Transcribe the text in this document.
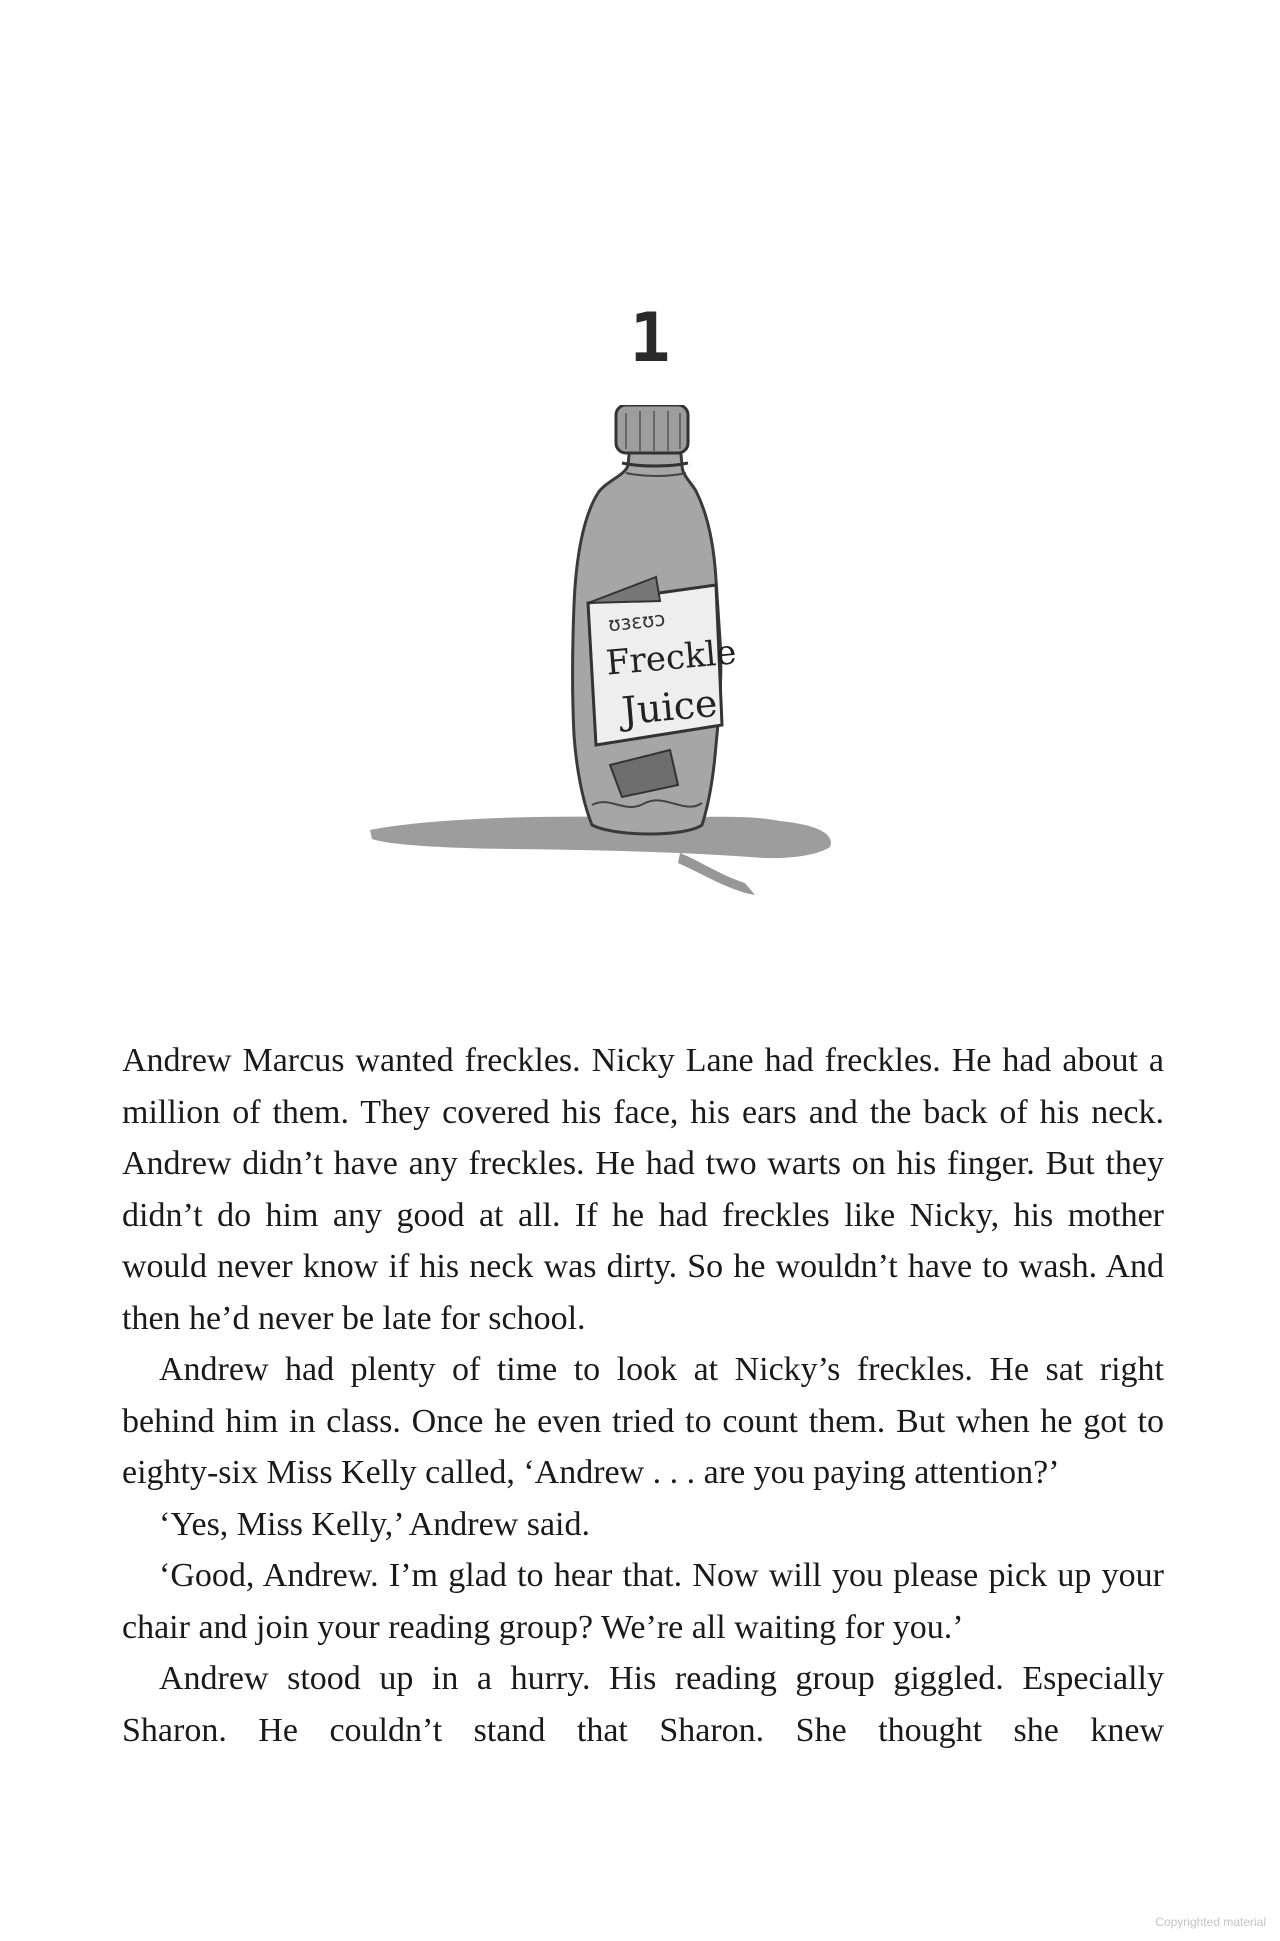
1
ʊɜɛʊɔ
Freckle
Juice

Andrew Marcus wanted freckles. Nicky Lane had freckles. He had about a million of them. They covered his face, his ears and the back of his neck. Andrew didn’t have any freckles. He had two warts on his finger. But they didn’t do him any good at all. If he had freckles like Nicky, his mother would never know if his neck was dirty. So he wouldn’t have to wash. And then he’d never be late for school.

Andrew had plenty of time to look at Nicky’s freckles. He sat right behind him in class. Once he even tried to count them. But when he got to eighty-six Miss Kelly called, ‘Andrew . . . are you paying attention?’

‘Yes, Miss Kelly,’ Andrew said.

‘Good, Andrew. I’m glad to hear that. Now will you please pick up your chair and join your reading group? We’re all waiting for you.’

Andrew stood up in a hurry. His reading group giggled. Especially Sharon. He couldn’t stand that Sharon. She thought she knew

Copyrighted material
